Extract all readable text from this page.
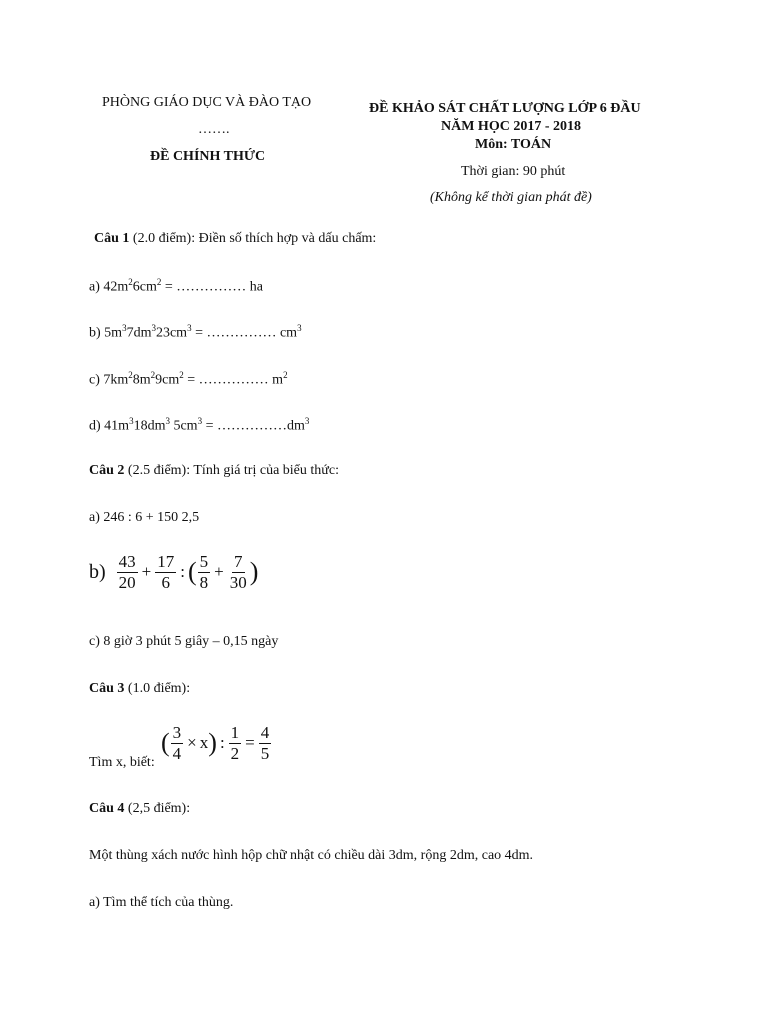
PHÒNG GIÁO DỤC VÀ ĐÀO TẠO
…….
ĐỀ CHÍNH THỨC
ĐỀ KHẢO SÁT CHẤT LƯỢNG LỚP 6 ĐẦU
NĂM HỌC 2017 - 2018
Môn: TOÁN
Thời gian: 90 phút
(Không kể thời gian phát đề)
Câu 1 (2.0 điểm): Điền số thích hợp và dấu chấm:
a) $42m^26cm^2$ = …………… ha
b) $5m^37dm^323cm^3$ = …………… $cm^3$
c) $7km^28m^29cm^2$ = …………… $m^2$
d) $41m^318dm^3$ $5cm^3$ = $\dots\dots\dots\dots\dots dm^3$
Câu 2 (2.5 điểm): Tính giá trị của biểu thức:
a) 246 : 6 + 150 2,5
$b) \frac{43}{20} + \frac{17}{6}$ : ( $\frac{5}{8} + \frac{7}{30}$ )
c) 8 giờ 3 phút 5 giây – 0,15 ngày
Câu 3 (1.0 điểm):
Tìm x, biết:
( $\frac{3}{4} \times x$ ) : $\frac{1}{2} = \frac{4}{5}$
Câu 4 (2,5 điểm):
Một thùng xách nước hình hộp chữ nhật có chiều dài 3dm, rộng 2dm, cao 4dm.
a) Tìm thể tích của thùng.
